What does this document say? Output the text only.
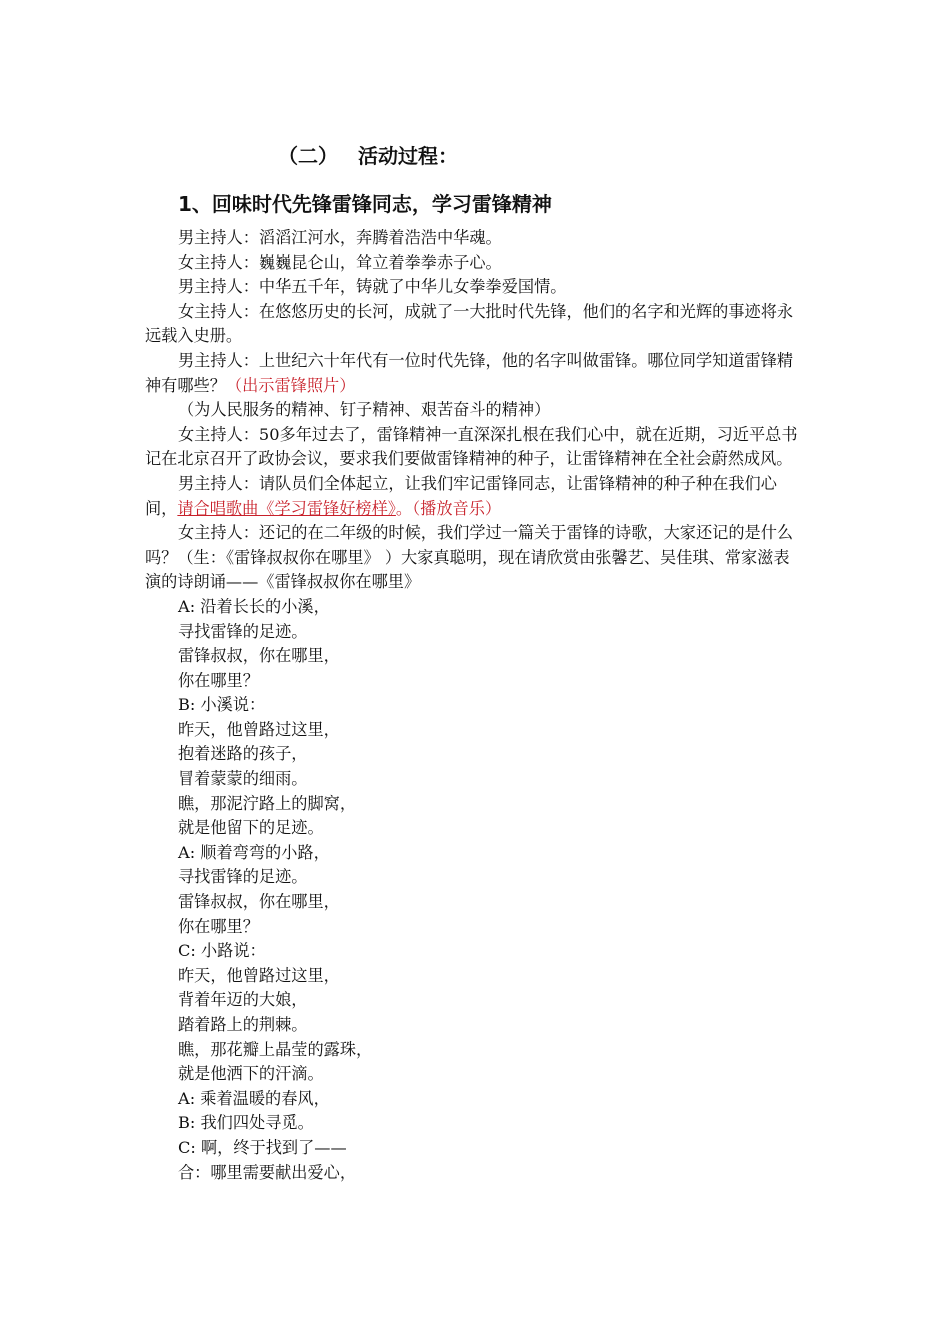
（二） 活动过程：
1、回味时代先锋雷锋同志，学习雷锋精神

男主持人：滔滔江河水，奔腾着浩浩中华魂。

女主持人：巍巍昆仑山，耸立着拳拳赤子心。

男主持人：中华五千年，铸就了中华儿女拳拳爱国情。

女主持人：在悠悠历史的长河，成就了一大批时代先锋，他们的名字和光辉的事迹将永远载入史册。

男主持人：上世纪六十年代有一位时代先锋，他的名字叫做雷锋。哪位同学知道雷锋精神有哪些？（出示雷锋照片）

（为人民服务的精神、钉子精神、艰苦奋斗的精神）

女主持人：50多年过去了，雷锋精神一直深深扎根在我们心中，就在近期，习近平总书记在北京召开了政协会议，要求我们要做雷锋精神的种子，让雷锋精神在全社会蔚然成风。

男主持人：请队员们全体起立，让我们牢记雷锋同志，让雷锋精神的种子种在我们心间，请合唱歌曲《学习雷锋好榜样》。（播放音乐）

女主持人：还记的在二年级的时候，我们学过一篇关于雷锋的诗歌，大家还记的是什么吗？（生：《雷锋叔叔你在哪里》 ）大家真聪明，现在请欣赏由张馨艺、吴佳琪、常家滋表演的诗朗诵——《雷锋叔叔你在哪里》

A: 沿着长长的小溪，

寻找雷锋的足迹。

雷锋叔叔，你在哪里，

你在哪里？

B: 小溪说：

昨天，他曾路过这里，

抱着迷路的孩子，

冒着蒙蒙的细雨。

瞧，那泥泞路上的脚窝，

就是他留下的足迹。

A: 顺着弯弯的小路，

寻找雷锋的足迹。

雷锋叔叔，你在哪里，

你在哪里？

C: 小路说：

昨天，他曾路过这里，

背着年迈的大娘，

踏着路上的荆棘。

瞧，那花瓣上晶莹的露珠，

就是他洒下的汗滴。

A: 乘着温暖的春风，

B: 我们四处寻觅。

C: 啊，终于找到了——

合：哪里需要献出爱心，
